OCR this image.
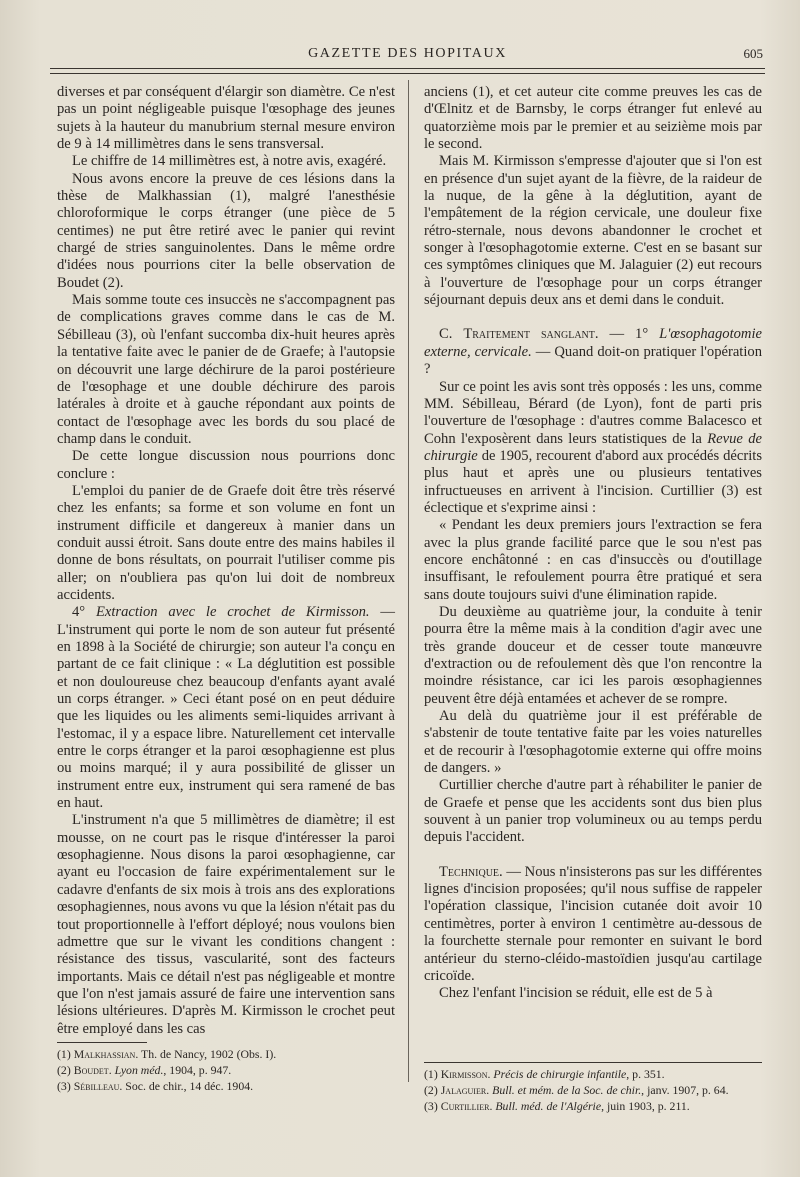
GAZETTE DES HOPITAUX	605

diverses et par conséquent d'élargir son diamètre. Ce n'est pas un point négligeable puisque l'œsophage des jeunes sujets à la hauteur du manubrium sternal mesure environ de 9 à 14 millimètres dans le sens transversal.

Le chiffre de 14 millimètres est, à notre avis, exagéré.

Nous avons encore la preuve de ces lésions dans la thèse de Malkhassian (1), malgré l'anesthésie chloroformique le corps étranger (une pièce de 5 centimes) ne put être retiré avec le panier qui revint chargé de stries sanguinolentes. Dans le même ordre d'idées nous pourrions citer la belle observation de Boudet (2).

Mais somme toute ces insuccès ne s'accompagnent pas de complications graves comme dans le cas de M. Sébilleau (3), où l'enfant succomba dix-huit heures après la tentative faite avec le panier de de Graefe; à l'autopsie on découvrit une large déchirure de la paroi postérieure de l'œsophage et une double déchirure des parois latérales à droite et à gauche répondant aux points de contact de l'œsophage avec les bords du sou placé de champ dans le conduit.

De cette longue discussion nous pourrions donc conclure :

L'emploi du panier de de Graefe doit être très réservé chez les enfants; sa forme et son volume en font un instrument difficile et dangereux à manier dans un conduit aussi étroit. Sans doute entre des mains habiles il donne de bons résultats, on pourrait l'utiliser comme pis aller; on n'oubliera pas qu'on lui doit de nombreux accidents.

4° Extraction avec le crochet de Kirmisson. — L'instrument qui porte le nom de son auteur fut présenté en 1898 à la Société de chirurgie; son auteur l'a conçu en partant de ce fait clinique : « La déglutition est possible et non douloureuse chez beaucoup d'enfants ayant avalé un corps étranger. » Ceci étant posé on en peut déduire que les liquides ou les aliments semi-liquides arrivant à l'estomac, il y a espace libre. Naturellement cet intervalle entre le corps étranger et la paroi œsophagienne est plus ou moins marqué; il y aura possibilité de glisser un instrument entre eux, instrument qui sera ramené de bas en haut.

L'instrument n'a que 5 millimètres de diamètre; il est mousse, on ne court pas le risque d'intéresser la paroi œsophagienne. Nous disons la paroi œsophagienne, car ayant eu l'occasion de faire expérimentalement sur le cadavre d'enfants de six mois à trois ans des explorations œsophagiennes, nous avons vu que la lésion n'était pas du tout proportionnelle à l'effort déployé; nous voulons bien admettre que sur le vivant les conditions changent : résistance des tissus, vascularité, sont des facteurs importants. Mais ce détail n'est pas négligeable et montre que l'on n'est jamais assuré de faire une intervention sans lésions ultérieures. D'après M. Kirmisson le crochet peut être employé dans les cas

(1) Malkhassian. Th. de Nancy, 1902 (Obs. I).
(2) Boudet. Lyon méd., 1904, p. 947.
(3) Sébilleau. Soc. de chir., 14 déc. 1904.

anciens (1), et cet auteur cite comme preuves les cas de d'Œlnitz et de Barnsby, le corps étranger fut enlevé au quatorzième mois par le premier et au seizième mois par le second.

Mais M. Kirmisson s'empresse d'ajouter que si l'on est en présence d'un sujet ayant de la fièvre, de la raideur de la nuque, de la gêne à la déglutition, ayant de l'empâtement de la région cervicale, une douleur fixe rétro-sternale, nous devons abandonner le crochet et songer à l'œsophagotomie externe. C'est en se basant sur ces symptômes cliniques que M. Jalaguier (2) eut recours à l'ouverture de l'œsophage pour un corps étranger séjournant depuis deux ans et demi dans le conduit.

C. Traitement sanglant. — 1° L'œsophagotomie externe, cervicale. — Quand doit-on pratiquer l'opération ?

Sur ce point les avis sont très opposés : les uns, comme MM. Sébilleau, Bérard (de Lyon), font de parti pris l'ouverture de l'œsophage : d'autres comme Balacesco et Cohn l'exposèrent dans leurs statistiques de la Revue de chirurgie de 1905, recourent d'abord aux procédés décrits plus haut et après une ou plusieurs tentatives infructueuses en arrivent à l'incision. Curtillier (3) est éclectique et s'exprime ainsi :

« Pendant les deux premiers jours l'extraction se fera avec la plus grande facilité parce que le sou n'est pas encore enchâtonné : en cas d'insuccès ou d'outillage insuffisant, le refoulement pourra être pratiqué et sera sans doute toujours suivi d'une élimination rapide.

Du deuxième au quatrième jour, la conduite à tenir pourra être la même mais à la condition d'agir avec une très grande douceur et de cesser toute manœuvre d'extraction ou de refoulement dès que l'on rencontre la moindre résistance, car ici les parois œsophagiennes peuvent être déjà entamées et achever de se rompre.

Au delà du quatrième jour il est préférable de s'abstenir de toute tentative faite par les voies naturelles et de recourir à l'œsophagotomie externe qui offre moins de dangers. »

Curtillier cherche d'autre part à réhabiliter le panier de de Graefe et pense que les accidents sont dus bien plus souvent à un panier trop volumineux ou au temps perdu depuis l'accident.

Technique. — Nous n'insisterons pas sur les différentes lignes d'incision proposées; qu'il nous suffise de rappeler l'opération classique, l'incision cutanée doit avoir 10 centimètres, porter à environ 1 centimètre au-dessous de la fourchette sternale pour remonter en suivant le bord antérieur du sterno-cléido-mastoïdien jusqu'au cartilage cricoïde.

Chez l'enfant l'incision se réduit, elle est de 5 à

(1) Kirmisson. Précis de chirurgie infantile, p. 351.
(2) Jalaguier. Bull. et mém. de la Soc. de chir., janv. 1907, p. 64.
(3) Curtillier. Bull. méd. de l'Algérie, juin 1903, p. 211.
